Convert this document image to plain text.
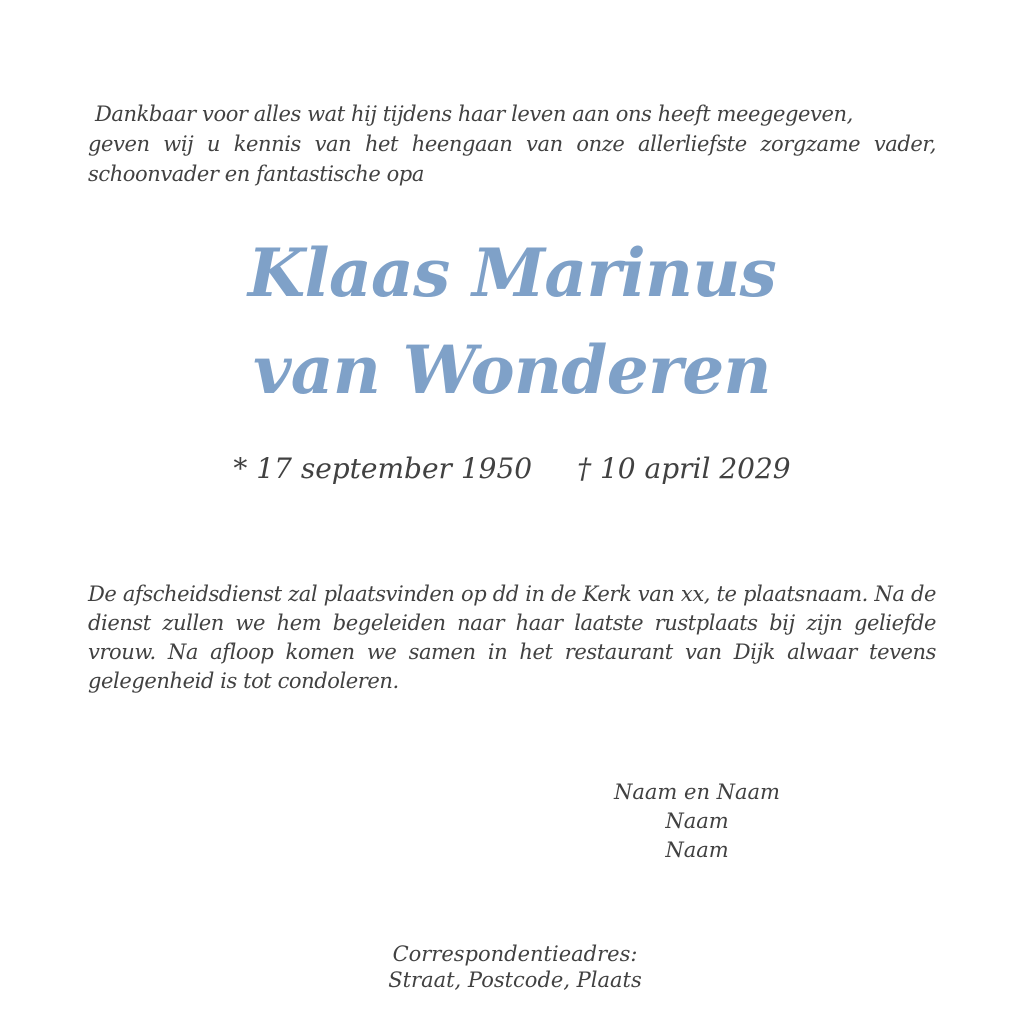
Dankbaar voor alles wat hij tijdens haar leven aan ons heeft meegegeven,
geven wij u kennis van het heengaan van onze allerliefste zorgzame vader, schoonvader en fantastische opa

Klaas Marinus
van Wonderen
* 17 september 1950 † 10 april 2029

De afscheidsdienst zal plaatsvinden op dd in de Kerk van xx, te plaatsnaam. Na de dienst zullen we hem begeleiden naar haar laatste rustplaats bij zijn geliefde vrouw. Na afloop komen we samen in het restaurant van Dijk alwaar tevens gelegenheid is tot condoleren.

Naam en Naam
Naam
Naam
Correspondentieadres:
Straat, Postcode, Plaats
